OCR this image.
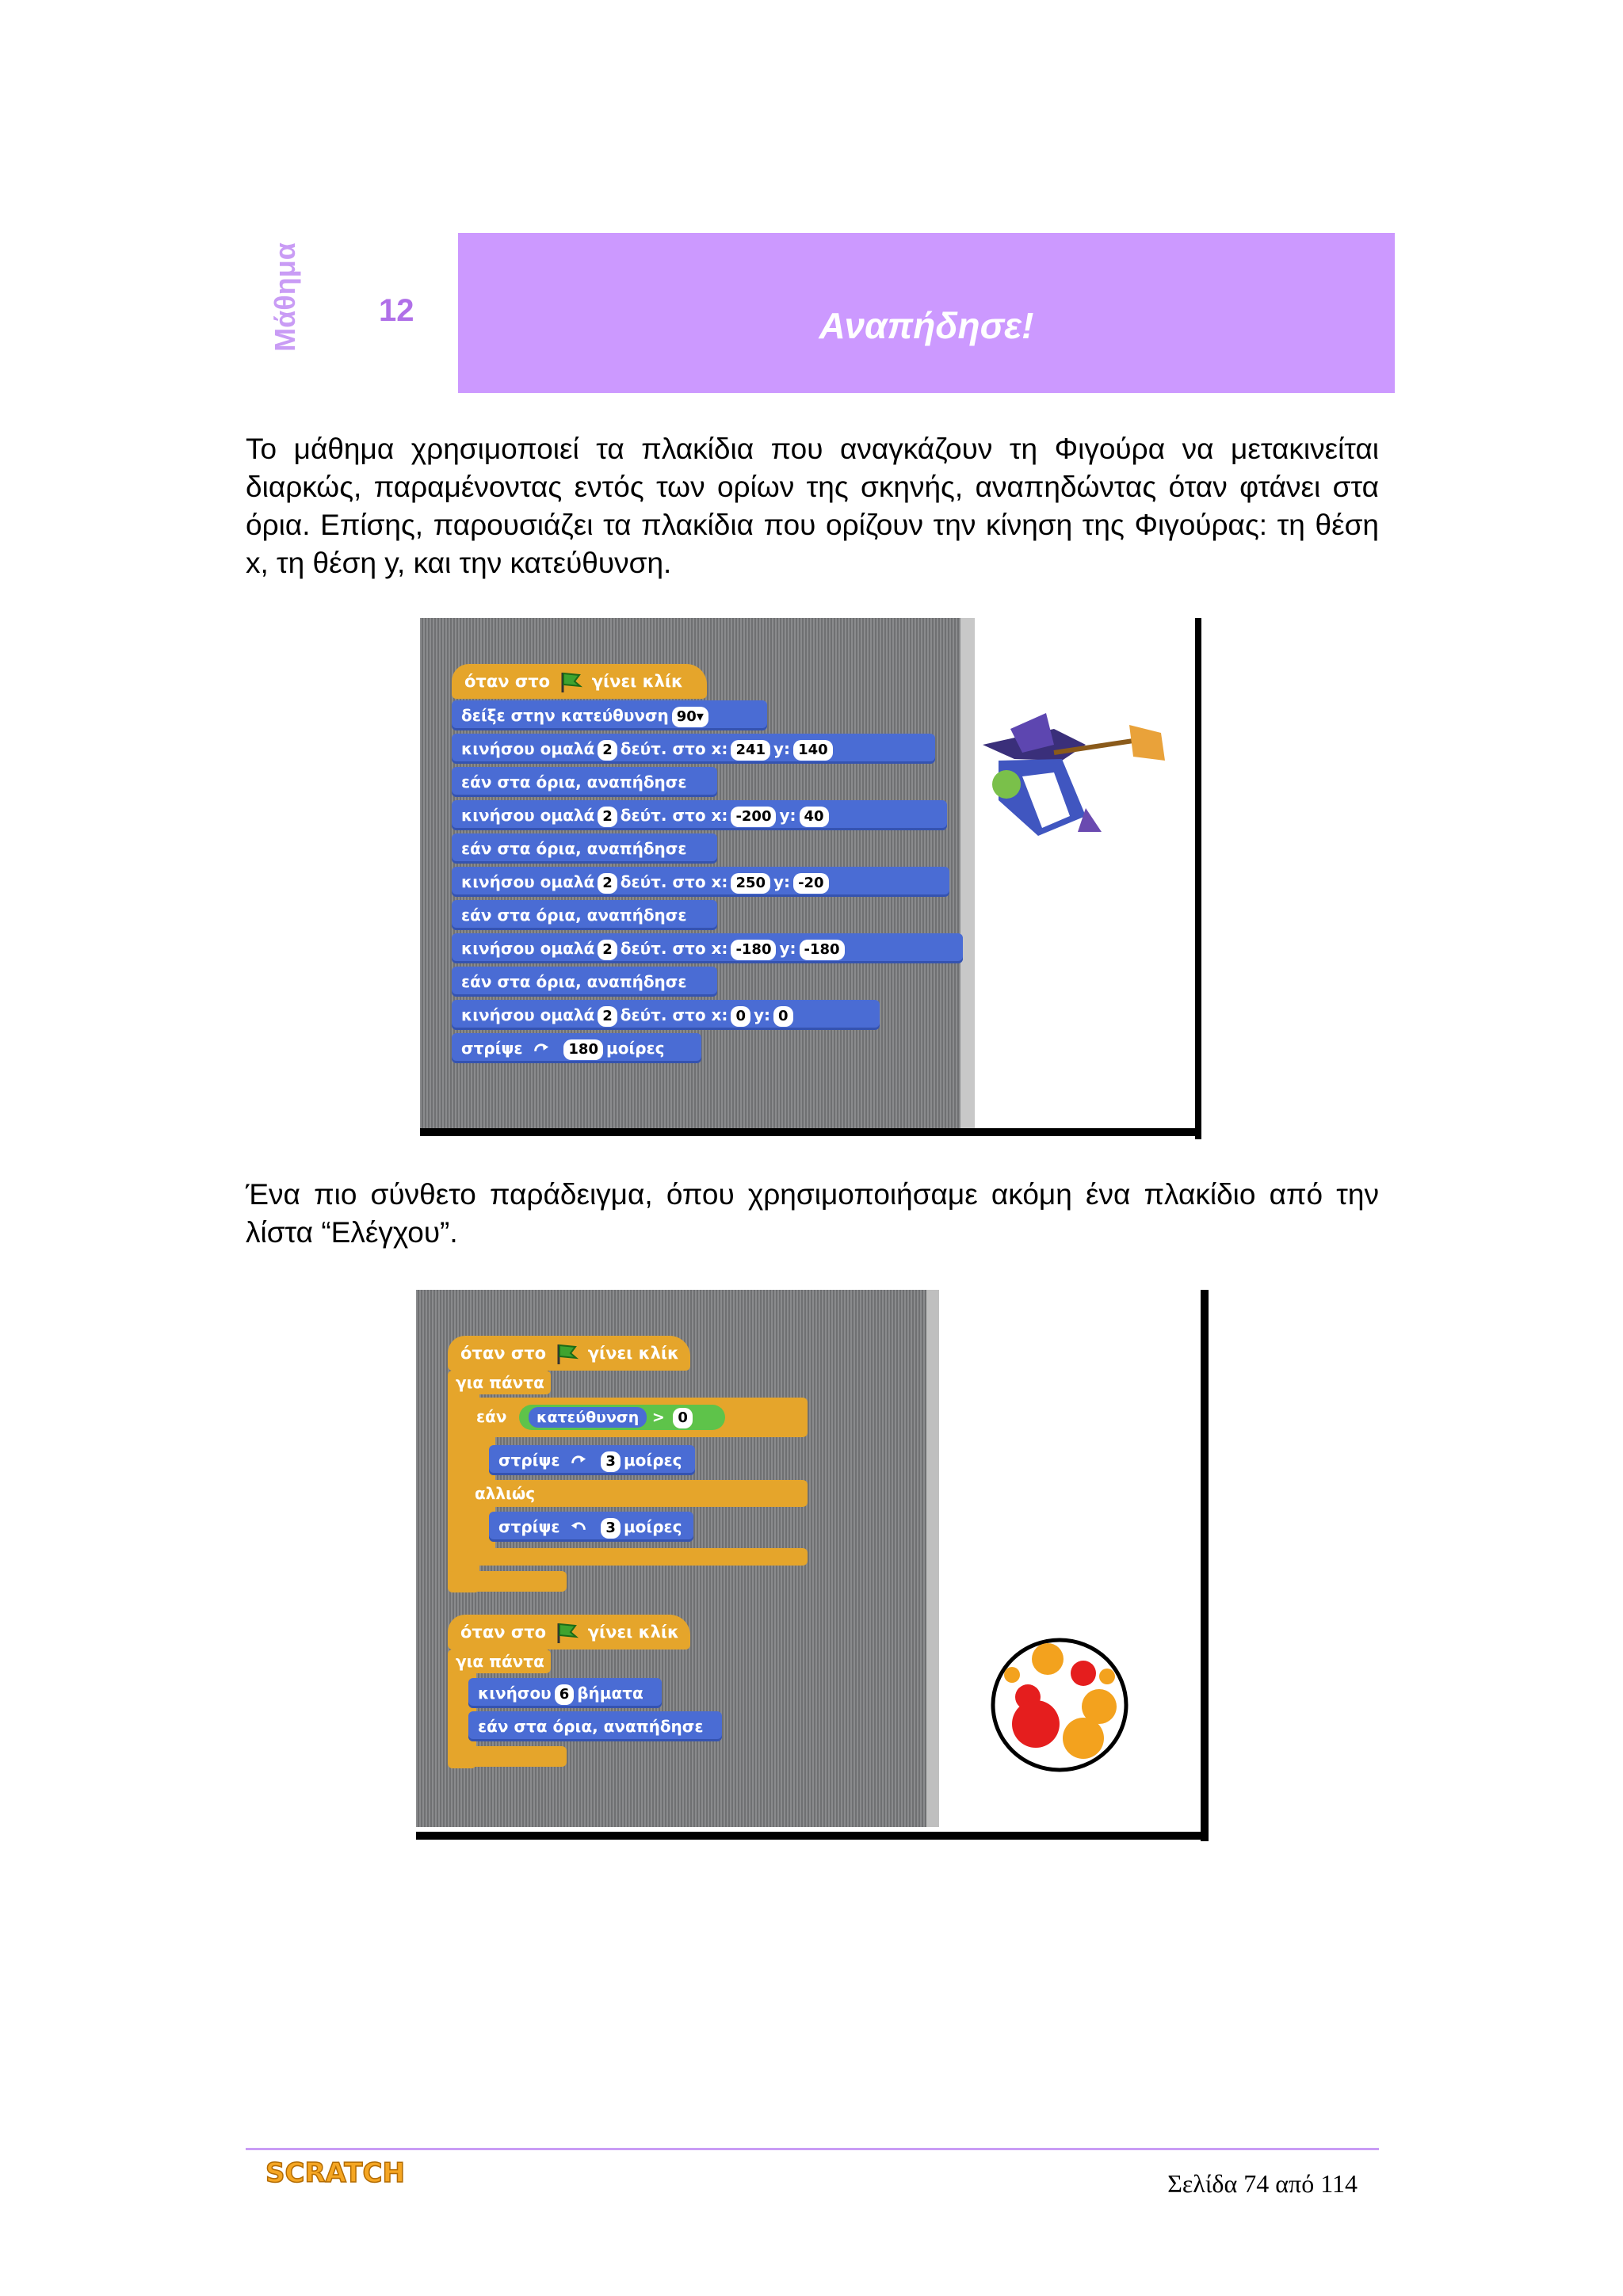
Μάθημα 12	Αναπήδησε!
Το μάθημα χρησιμοποιεί τα πλακίδια που αναγκάζουν τη Φιγούρα να μετακινείται διαρκώς, παραμένοντας εντός των ορίων της σκηνής, αναπηδώντας όταν φτάνει στα όρια. Επίσης, παρουσιάζει τα πλακίδια που ορίζουν την κίνηση της Φιγούρας: τη θέση x, τη θέση y, και την κατεύθυνση.
όταν στο	γίνει κλίκ
δείξε στην κατεύθυνση 90▾
κινήσου ομαλά 2 δεύτ. στο x: 241 y: 140
εάν στα όρια, αναπήδησε
κινήσου ομαλά 2 δεύτ. στο x: -200 y: 40
εάν στα όρια, αναπήδησε
κινήσου ομαλά 2 δεύτ. στο x: 250 y: -20
εάν στα όρια, αναπήδησε
κινήσου ομαλά 2 δεύτ. στο x: -180 y: -180
εάν στα όρια, αναπήδησε
κινήσου ομαλά 2 δεύτ. στο x: 0 y: 0
στρίψε	180 μοίρες
Ένα πιο σύνθετο παράδειγμα, όπου χρησιμοποιήσαμε ακόμη ένα πλακίδιο από την λίστα “Ελέγχου”.
όταν στο	γίνει κλίκ
για πάντα
εάν	κατεύθυνση > 0
στρίψε	3 μοίρες
αλλιώς
στρίψε	3 μοίρες
όταν στο	γίνει κλίκ
για πάντα
κινήσου 6 βήματα
εάν στα όρια, αναπήδησε
SCRATCH	Σελίδα 74 από 114
